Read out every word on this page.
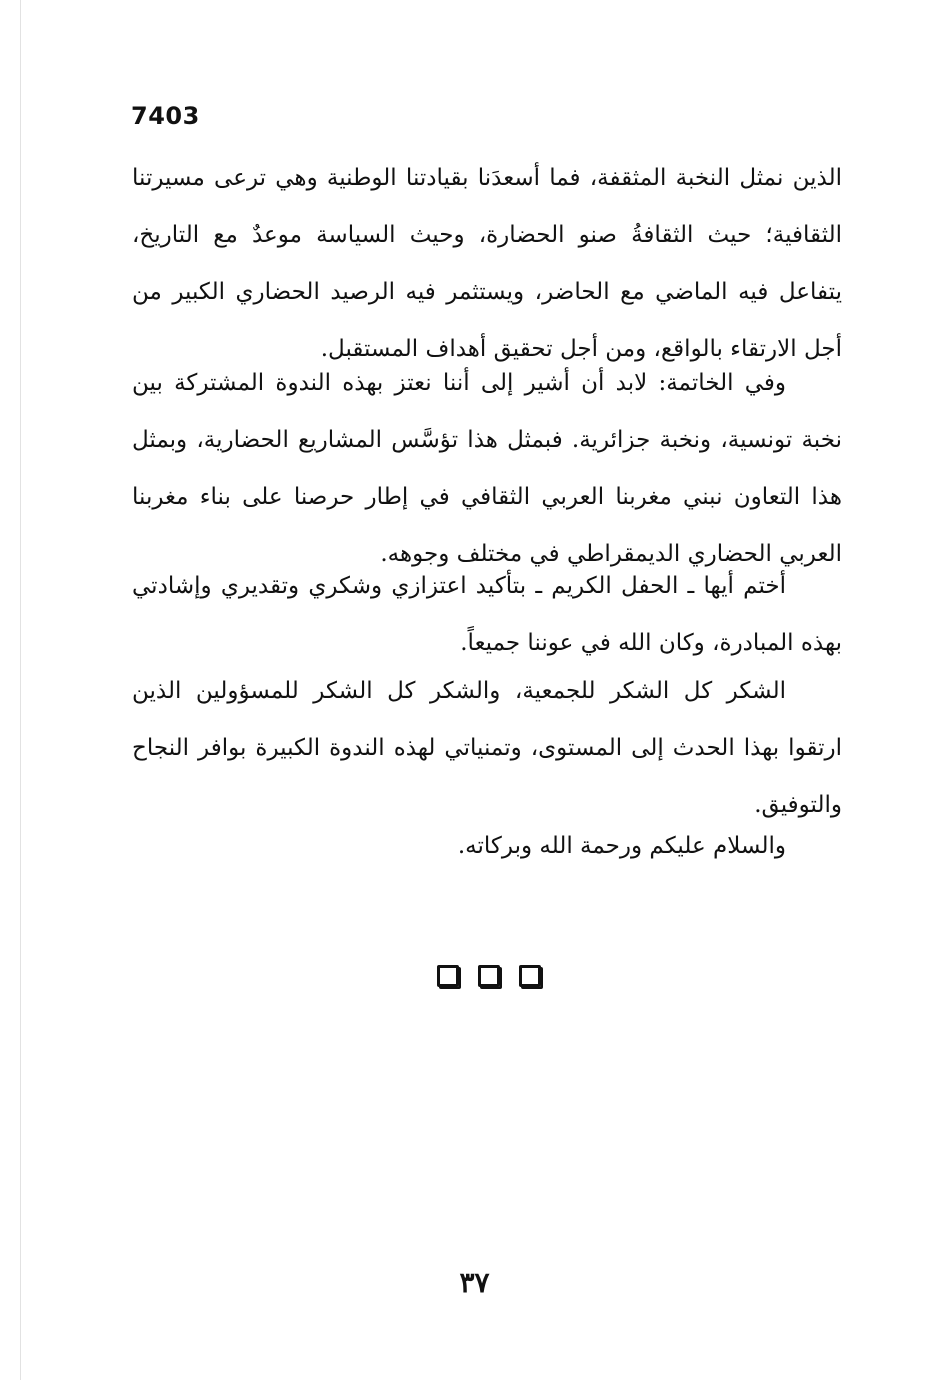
7403

الذين نمثل النخبة المثقفة، فما أسعدَنا بقيادتنا الوطنية وهي ترعى مسيرتنا الثقافية؛ حيث الثقافةُ صنو الحضارة، وحيث السياسة موعدٌ مع التاريخ، يتفاعل فيه الماضي مع الحاضر، ويستثمر فيه الرصيد الحضاري الكبير من أجل الارتقاء بالواقع، ومن أجل تحقيق أهداف المستقبل.

وفي الخاتمة: لابد أن أشير إلى أننا نعتز بهذه الندوة المشتركة بين نخبة تونسية، ونخبة جزائرية. فبمثل هذا تؤسَّس المشاريع الحضارية، وبمثل هذا التعاون نبني مغربنا العربي الثقافي في إطار حرصنا على بناء مغربنا العربي الحضاري الديمقراطي في مختلف وجوهه.

أختم أيها ـ الحفل الكريم ـ بتأكيد اعتزازي وشكري وتقديري وإشادتي بهذه المبادرة، وكان الله في عوننا جميعاً.

الشكر كل الشكر للجمعية، والشكر كل الشكر للمسؤولين الذين ارتقوا بهذا الحدث إلى المستوى، وتمنياتي لهذه الندوة الكبيرة بوافر النجاح والتوفيق.

والسلام عليكم ورحمة الله وبركاته.

٣٧
